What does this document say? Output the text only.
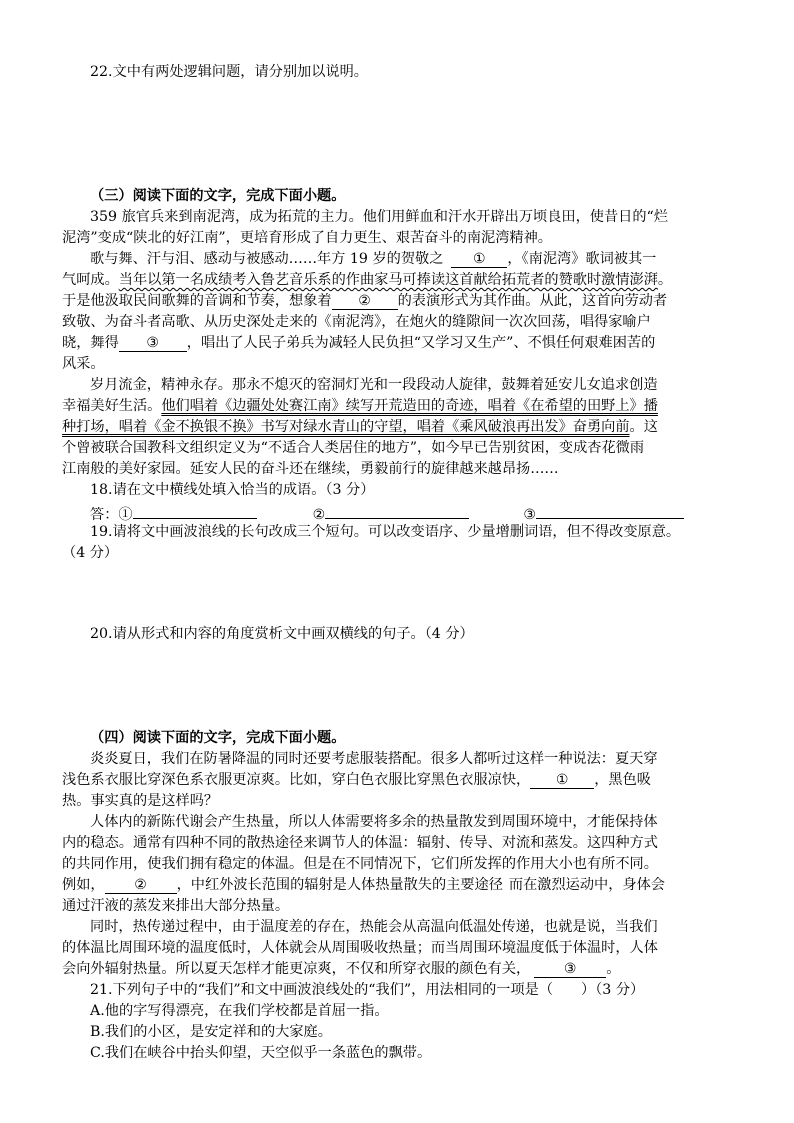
22.文中有两处逻辑问题，请分别加以说明。
（三）阅读下面的文字，完成下面小题。
359 旅官兵来到南泥湾，成为拓荒的主力。他们用鲜血和汗水开辟出万顷良田，使昔日的“烂
泥湾”变成“陕北的好江南”，更培育形成了自力更生、艰苦奋斗的南泥湾精神。
歌与舞、汗与泪、感动与被感动……年方 19 岁的贺敬之 ① ，《南泥湾》歌词被其一
气呵成。当年以第一名成绩考入鲁艺音乐系的作曲家马可捧读这首献给拓荒者的赞歌时激情澎湃。
于是他汲取民间歌舞的音调和节奏，想象着 ② 的表演形式为其作曲。从此，这首向劳动者
致敬、为奋斗者高歌、从历史深处走来的《南泥湾》，在炮火的缝隙间一次次回荡，唱得家喻户
晓，舞得 ③ ，唱出了人民子弟兵为减轻人民负担“又学习又生产”、不惧任何艰难困苦的
风采。
岁月流金，精神永存。那永不熄灭的窑洞灯光和一段段动人旋律，鼓舞着延安儿女追求创造
幸福美好生活。他们唱着《边疆处处赛江南》续写开荒造田的奇迹，唱着《在希望的田野上》播
种打场，唱着《金不换银不换》书写对绿水青山的守望，唱着《乘风破浪再出发》奋勇向前。这
个曾被联合国教科文组织定义为“不适合人类居住的地方”，如今早已告别贫困，变成杏花微雨
江南般的美好家园。延安人民的奋斗还在继续，勇毅前行的旋律越来越昂扬……
18.请在文中横线处填入恰当的成语。（3 分）
答：①	②	③
19.请将文中画波浪线的长句改成三个短句。可以改变语序、少量增删词语，但不得改变原意。
（4 分）
20.请从形式和内容的角度赏析文中画双横线的句子。（4 分）
（四）阅读下面的文字，完成下面小题。
炎炎夏日，我们在防暑降温的同时还要考虑服装搭配。很多人都听过这样一种说法：夏天穿
浅色系衣服比穿深色系衣服更凉爽。比如，穿白色衣服比穿黑色衣服凉快， ① ，黑色吸
热。事实真的是这样吗？
人体内的新陈代谢会产生热量，所以人体需要将多余的热量散发到周围环境中，才能保持体
内的稳态。通常有四种不同的散热途径来调节人的体温：辐射、传导、对流和蒸发。这四种方式
的共同作用，使我们拥有稳定的体温。但是在不同情况下，它们所发挥的作用大小也有所不同。
例如， ② ，中红外波长范围的辐射是人体热量散失的主要途径 而在激烈运动中，身体会
通过汗液的蒸发来排出大部分热量。
同时，热传递过程中，由于温度差的存在，热能会从高温向低温处传递，也就是说，当我们
的体温比周围环境的温度低时，人体就会从周围吸收热量；而当周围环境温度低于体温时，人体
会向外辐射热量。所以夏天怎样才能更凉爽，不仅和所穿衣服的颜色有关， ③ 。
21.下列句子中的“我们”和文中画波浪线处的“我们”，用法相同的一项是（ ）（3 分）
A.他的字写得漂亮，在我们学校都是首屈一指。
B.我们的小区，是安定祥和的大家庭。
C.我们在峡谷中抬头仰望，天空似乎一条蓝色的飘带。
